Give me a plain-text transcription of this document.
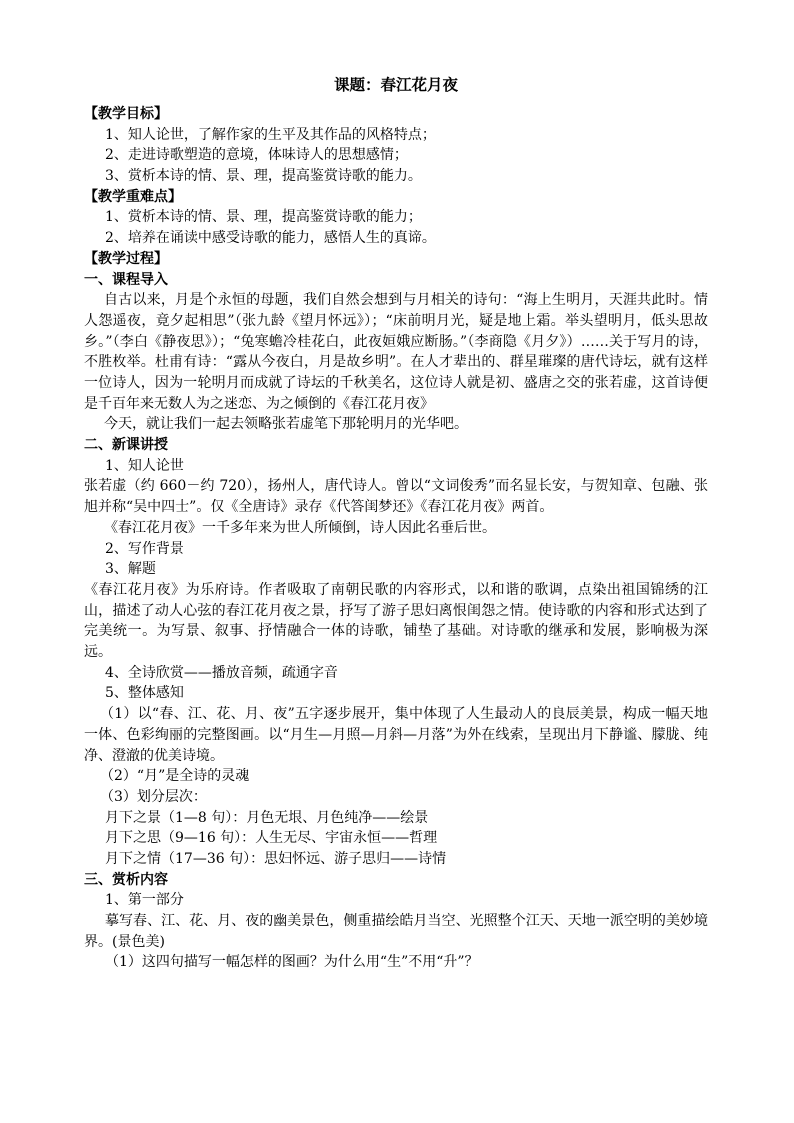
课题：春江花月夜
【教学目标】
1、知人论世，了解作家的生平及其作品的风格特点；
2、走进诗歌塑造的意境，体味诗人的思想感情；
3、赏析本诗的情、景、理，提高鉴赏诗歌的能力。
【教学重难点】
1、赏析本诗的情、景、理，提高鉴赏诗歌的能力；
2、培养在诵读中感受诗歌的能力，感悟人生的真谛。
【教学过程】
一、课程导入

自古以来，月是个永恒的母题，我们自然会想到与月相关的诗句：“海上生明月，天涯共此时。情人怨遥夜，竟夕起相思”（张九龄《望月怀远》）；“床前明月光，疑是地上霜。举头望明月，低头思故乡。”（李白《静夜思》）；“兔寒蟾冷桂花白，此夜姮娥应断肠。”（李商隐《月夕》）……关于写月的诗，不胜枚举。杜甫有诗：“露从今夜白，月是故乡明”。在人才辈出的、群星璀璨的唐代诗坛，就有这样一位诗人，因为一轮明月而成就了诗坛的千秋美名，这位诗人就是初、盛唐之交的张若虚，这首诗便是千百年来无数人为之迷恋、为之倾倒的《春江花月夜》

今天，就让我们一起去领略张若虚笔下那轮明月的光华吧。

二、新课讲授
1、知人论世

张若虚（约 660－约 720），扬州人，唐代诗人。曾以“文词俊秀”而名显长安，与贺知章、包融、张旭并称“吴中四士”。仅《全唐诗》录存《代答闺梦还》《春江花月夜》两首。

《春江花月夜》一千多年来为世人所倾倒，诗人因此名垂后世。

2、写作背景
3、解题

《春江花月夜》为乐府诗。作者吸取了南朝民歌的内容形式，以和谐的歌调，点染出祖国锦绣的江山，描述了动人心弦的春江花月夜之景，抒写了游子思妇离恨闺怨之情。使诗歌的内容和形式达到了完美统一。为写景、叙事、抒情融合一体的诗歌，铺垫了基础。对诗歌的继承和发展，影响极为深远。

4、全诗欣赏——播放音频，疏通字音
5、整体感知

（1）以“春、江、花、月、夜”五字逐步展开，集中体现了人生最动人的良辰美景，构成一幅天地一体、色彩绚丽的完整图画。以“月生—月照—月斜—月落”为外在线索，呈现出月下静谧、朦胧、纯净、澄澈的优美诗境。

（2）“月”是全诗的灵魂
（3）划分层次：
月下之景（1—8 句）：月色无垠、月色纯净——绘景
月下之思（9—16 句）：人生无尽、宇宙永恒——哲理
月下之情（17—36 句）：思妇怀远、游子思归——诗情
三、赏析内容
1、第一部分

摹写春、江、花、月、夜的幽美景色，侧重描绘皓月当空、光照整个江天、天地一派空明的美妙境界。(景色美)

（1）这四句描写一幅怎样的图画？为什么用“生”不用“升”？
